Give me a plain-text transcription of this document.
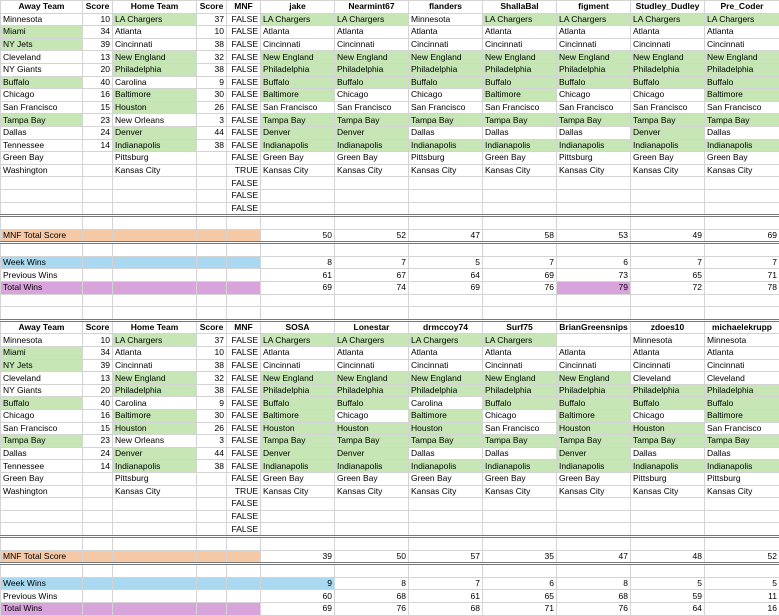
Away Team	Score	Home Team	Score	MNF	jake	Nearmint67	flanders	ShallaBal	figment	Studley_Dudley	Pre_Coder
Minnesota	10	LA Chargers	37	FALSE	LA Chargers	LA Chargers	Minnesota	LA Chargers	LA Chargers	LA Chargers	LA Chargers
Miami	34	Atlanta	10	FALSE	Atlanta	Atlanta	Atlanta	Atlanta	Atlanta	Atlanta	Atlanta
NY Jets	39	Cincinnati	38	FALSE	Cincinnati	Cincinnati	Cincinnati	Cincinnati	Cincinnati	Cincinnati	Cincinnati
Cleveland	13	New England	32	FALSE	New England	New England	New England	New England	New England	New England	New England
NY Giants	20	Philadelphia	38	FALSE	Philadelphia	Philadelphia	Philadelphia	Philadelphia	Philadelphia	Philadelphia	Philadelphia
Buffalo	40	Carolina	9	FALSE	Buffalo	Buffalo	Buffalo	Buffalo	Buffalo	Buffalo	Buffalo
Chicago	16	Baltimore	30	FALSE	Baltimore	Chicago	Chicago	Baltimore	Chicago	Chicago	Baltimore
San Francisco	15	Houston	26	FALSE	San Francisco	San Francisco	San Francisco	San Francisco	San Francisco	San Francisco	San Francisco
Tampa Bay	23	New Orleans	3	FALSE	Tampa Bay	Tampa Bay	Tampa Bay	Tampa Bay	Tampa Bay	Tampa Bay	Tampa Bay
Dallas	24	Denver	44	FALSE	Denver	Denver	Dallas	Dallas	Dallas	Denver	Dallas
Tennessee	14	Indianapolis	38	FALSE	Indianapolis	Indianapolis	Indianapolis	Indianapolis	Indianapolis	Indianapolis	Indianapolis
Green Bay		Pittsburg		FALSE	Green Bay	Green Bay	Pittsburg	Green Bay	Pittsburg	Green Bay	Green Bay
Washington		Kansas City		TRUE	Kansas City	Kansas City	Kansas City	Kansas City	Kansas City	Kansas City	Kansas City
				FALSE							
				FALSE							
				FALSE							

MNF Total Score					50	52	47	58	53	49	69

Week Wins					8	7	5	7	6	7	7
Previous Wins					61	67	64	69	73	65	71
Total Wins					69	74	69	76	79	72	78

Away Team	Score	Home Team	Score	MNF	SOSA	Lonestar	drmccoy74	Surf75	BrianGreensnips	zdoes10	michaelekrupp
Minnesota	10	LA Chargers	37	FALSE	LA Chargers	LA Chargers	LA Chargers	LA Chargers		Minnesota	Minnesota
Miami	34	Atlanta	10	FALSE	Atlanta	Atlanta	Atlanta	Atlanta	Atlanta	Atlanta	Atlanta
NY Jets	39	Cincinnati	38	FALSE	Cincinnati	Cincinnati	Cincinnati	Cincinnati	Cincinnati	Cincinnati	Cincinnati
Cleveland	13	New England	32	FALSE	New England	New England	New England	New England	New England	Cleveland	Cleveland
NY Giants	20	Philadelphia	38	FALSE	Philadelphia	Philadelphia	Philadelphia	Philadelphia	Philadelphia	Philadelphia	Philadelphia
Buffalo	40	Carolina	9	FALSE	Buffalo	Buffalo	Carolina	Buffalo	Buffalo	Buffalo	Buffalo
Chicago	16	Baltimore	30	FALSE	Baltimore	Chicago	Baltimore	Chicago	Baltimore	Chicago	Baltimore
San Francisco	15	Houston	26	FALSE	Houston	Houston	Houston	San Francisco	Houston	Houston	San Francisco
Tampa Bay	23	New Orleans	3	FALSE	Tampa Bay	Tampa Bay	Tampa Bay	Tampa Bay	Tampa Bay	Tampa Bay	Tampa Bay
Dallas	24	Denver	44	FALSE	Denver	Denver	Dallas	Dallas	Denver	Dallas	Dallas
Tennessee	14	Indianapolis	38	FALSE	Indianapolis	Indianapolis	Indianapolis	Indianapolis	Indianapolis	Indianapolis	Indianapolis
Green Bay		Pittsburg		FALSE	Green Bay	Green Bay	Green Bay	Green Bay	Green Bay	Pittsburg	Pittsburg
Washington		Kansas City		TRUE	Kansas City	Kansas City	Kansas City	Kansas City	Kansas City	Kansas City	Kansas City
				FALSE							
				FALSE							
				FALSE							

MNF Total Score					39	50	57	35	47	48	52

Week Wins					9	8	7	6	8	5	5
Previous Wins					60	68	61	65	68	59	11
Total Wins					69	76	68	71	76	64	16
